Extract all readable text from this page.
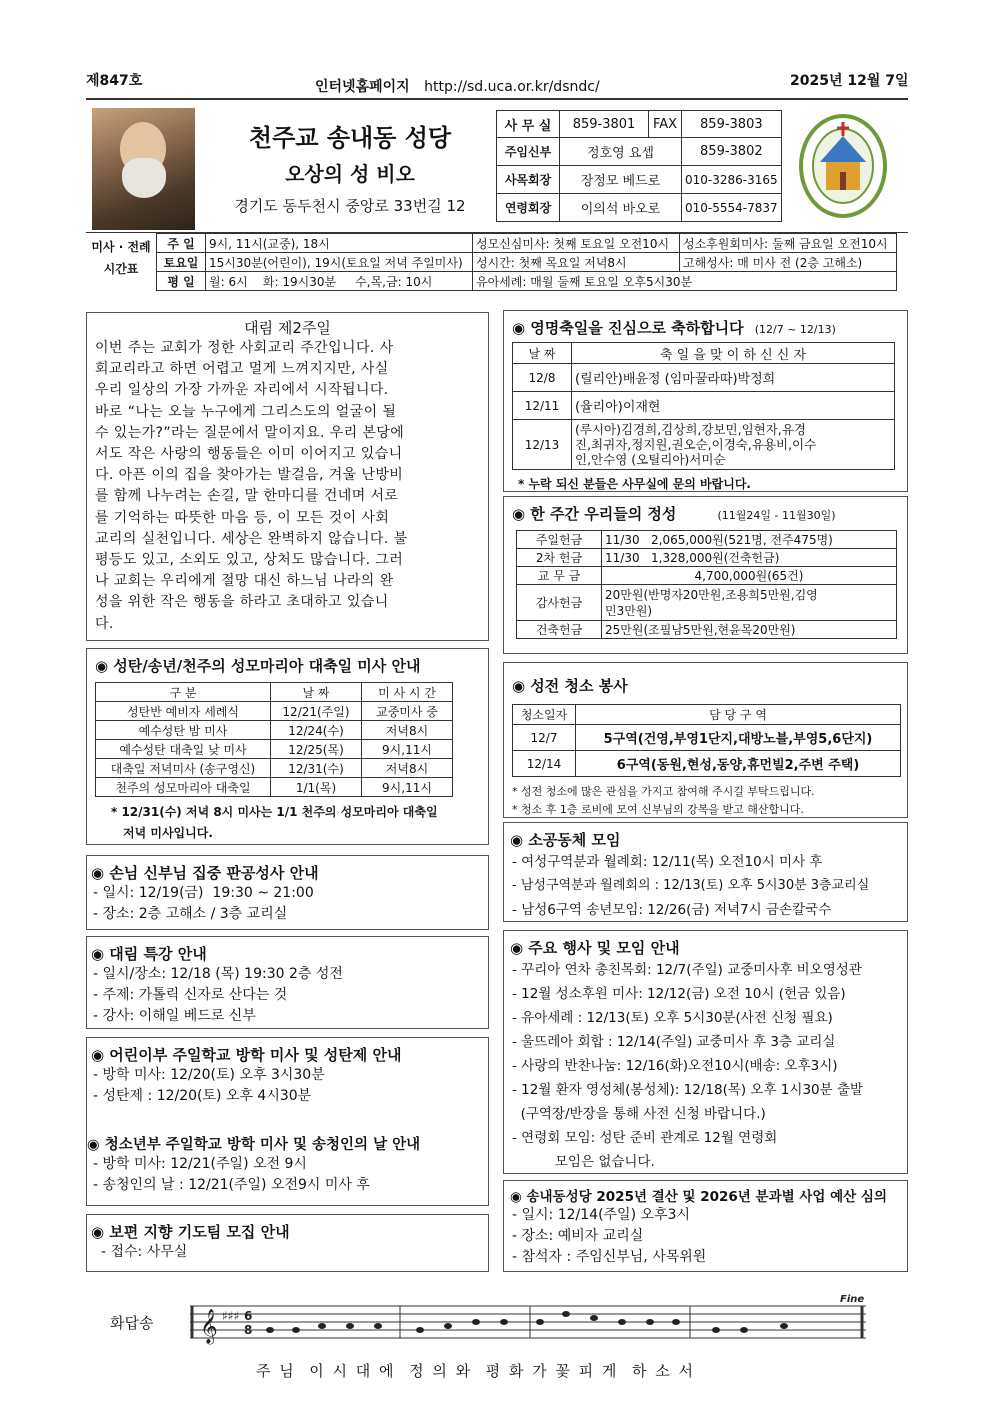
제847호	인터넷홈페이지 http://sd.uca.or.kr/dsndc/	2025년 12월 7일
천주교 송내동 성당
오상의 성 비오
경기도 동두천시 중앙로 33번길 12
사 무 실	859-3801	FAX	859-3803
주임신부	정호영 요셉		859-3802
사목회장	장정모 베드로		010-3286-3165
연령회장	이의석 바오로		010-5554-7837
미사 · 전례 시간표
주 일	9시, 11시(교중), 18시	성모신심미사: 첫째 토요일 오전10시	성소후원회미사: 둘째 금요일 오전10시
토요일	15시30분(어린이), 19시(토요일 저녁 주일미사)	성시간: 첫째 목요일 저녁8시	고해성사: 매 미사 전 (2층 고해소)
평 일	월: 6시    화: 19시30분     수,목,금: 10시	유아세례: 매월 둘째 토요일 오후5시30분	
대림 제2주일
이번 주는 교회가 정한 사회교리 주간입니다. 사
회교리라고 하면 어렵고 멀게 느껴지지만, 사실
우리 일상의 가장 가까운 자리에서 시작됩니다.
바로 “나는 오늘 누구에게 그리스도의 얼굴이 될
수 있는가?”라는 질문에서 말이지요. 우리 본당에
서도 작은 사랑의 행동들은 이미 이어지고 있습니
다. 아픈 이의 집을 찾아가는 발걸음, 겨울 난방비
를 함께 나누려는 손길, 말 한마디를 건네며 서로
를 기억하는 따뜻한 마음 등, 이 모든 것이 사회
교리의 실천입니다. 세상은 완벽하지 않습니다. 불
평등도 있고, 소외도 있고, 상처도 많습니다. 그러
나 교회는 우리에게 절망 대신 하느님 나라의 완
성을 위한 작은 행동을 하라고 초대하고 있습니
다.
◉ 성탄/송년/천주의 성모마리아 대축일 미사 안내
구 분	날 짜	미 사 시 간
성탄반 예비자 세례식	12/21(주일)	교중미사 중
예수성탄 밤 미사	12/24(수)	저녁8시
예수성탄 대축일 낮 미사	12/25(목)	9시,11시
대축일 저녁미사 (송구영신)	12/31(수)	저녁8시
천주의 성모마리아 대축일	1/1(목)	9시,11시
* 12/31(수) 저녁 8시 미사는 1/1 천주의 성모마리아 대축일
저녁 미사입니다.
◉ 손님 신부님 집중 판공성사 안내
- 일시: 12/19(금)  19:30 ~ 21:00
- 장소: 2층 고해소 / 3층 교리실
◉ 대림 특강 안내
- 일시/장소: 12/18 (목) 19:30 2층 성전
- 주제: 가톨릭 신자로 산다는 것
- 강사: 이해일 베드로 신부
◉ 어린이부 주일학교 방학 미사 및 성탄제 안내
- 방학 미사: 12/20(토) 오후 3시30분
- 성탄제 : 12/20(토) 오후 4시30분
◉ 청소년부 주일학교 방학 미사 및 송청인의 날 안내
- 방학 미사: 12/21(주일) 오전 9시
- 송청인의 날 : 12/21(주일) 오전9시 미사 후
◉ 보편 지향 기도팀 모집 안내
- 접수: 사무실
◉ 영명축일을 진심으로 축하합니다 (12/7 ~ 12/13)
날 짜	축 일 을 맞 이 하 신 신 자
12/8	(릴리안)배윤정 (임마꿀라따)박정희
12/11	(율리아)이재현
12/13	(루시아)김경희,김상희,강보민,임현자,유경
진,최귀자,정지원,권오순,이경숙,유용비,이수
인,안수영 (오틸리아)서미순
* 누락 되신 분들은 사무실에 문의 바랍니다.
◉ 한 주간 우리들의 정성	(11월24일 - 11월30일)
주일헌금	11/30   2,065,000원(521명, 전주475명)
2차 헌금	11/30   1,328,000원(건축헌금)
교 무 금	4,700,000원(65건)
감사헌금	20만원(반명자20만원,조용희5만원,김영
민3만원)
건축헌금	25만원(조필남5만원,현윤목20만원)
◉ 성전 청소 봉사
청소일자	담 당 구 역
12/7	5구역(건영,부영1단지,대방노블,부영5,6단지)
12/14	6구역(동원,현성,동양,휴먼빌2,주변 주택)
* 성전 청소에 많은 관심을 가지고 참여해 주시길 부탁드립니다.
* 청소 후 1층 로비에 모여 신부님의 강복을 받고 해산합니다.
◉ 소공동체 모임
- 여성구역분과 월례회: 12/11(목) 오전10시 미사 후
- 남성구역분과 월례회의 : 12/13(토) 오후 5시30분 3층교리실
- 남성6구역 송년모임: 12/26(금) 저녁7시 금손칼국수
◉ 주요 행사 및 모임 안내
- 꾸리아 연차 총친목회: 12/7(주일) 교중미사후 비오영성관
- 12월 성소후원 미사: 12/12(금) 오전 10시 (헌금 있음)
- 유아세례 : 12/13(토) 오후 5시30분(사전 신청 필요)
- 울뜨레아 회합 : 12/14(주일) 교중미사 후 3층 교리실
- 사랑의 반찬나눔: 12/16(화)오전10시(배송: 오후3시)
- 12월 환자 영성체(봉성체): 12/18(목) 오후 1시30분 출발
(구역장/반장을 통해 사전 신청 바랍니다.)
- 연령회 모임: 성탄 준비 관계로 12월 연령회
모임은 없습니다.
◉ 송내동성당 2025년 결산 및 2026년 분과별 사업 예산 심의
- 일시: 12/14(주일) 오후3시
- 장소: 예비자 교리실
- 참석자 : 주임신부님, 사목위원
화답송 𝄞 ♯♯♯ 6
8
Fine
주 님  이 시 대 에  정 의 와  평 화 가 꽃 피 게  하 소 서
